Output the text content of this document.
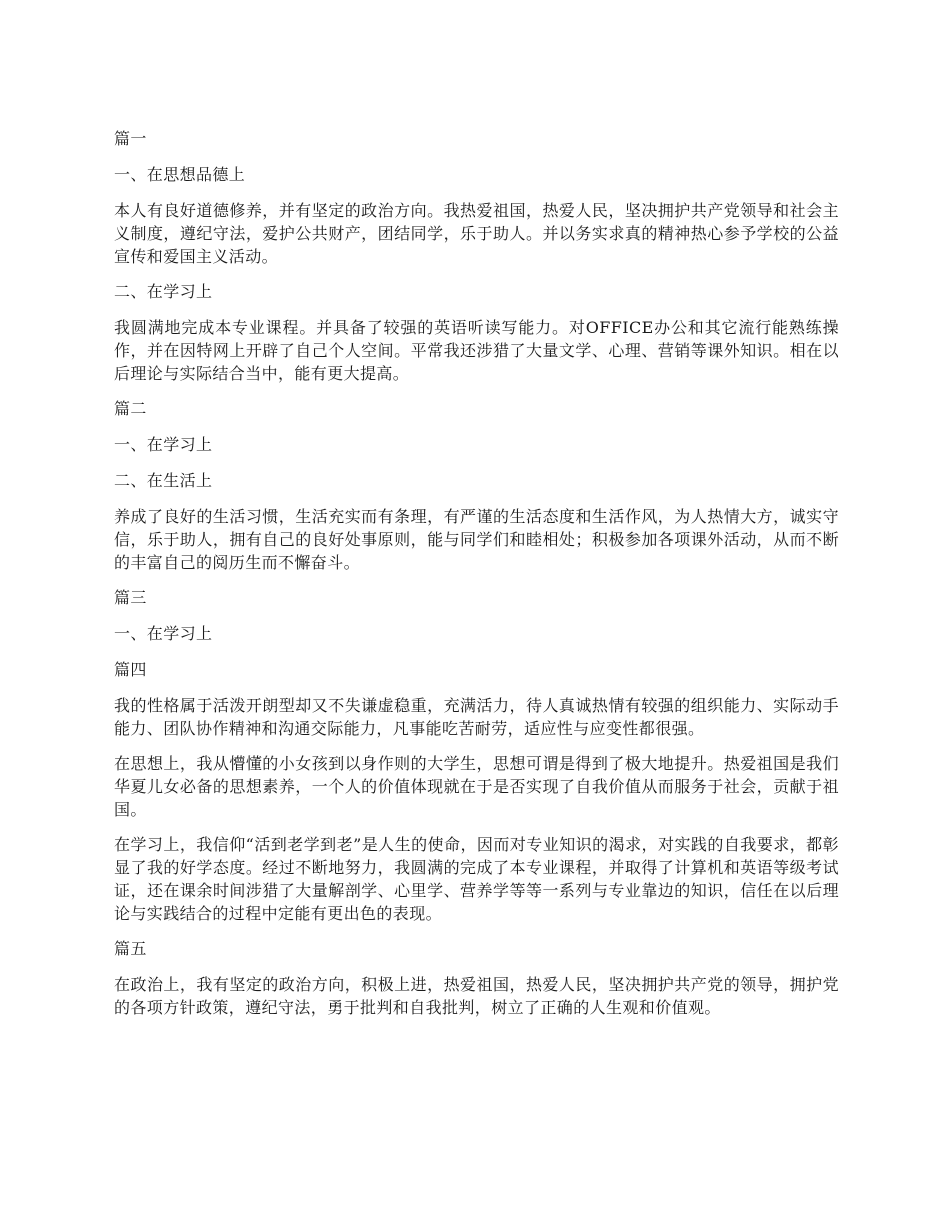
篇一
一、在思想品德上
本人有良好道德修养，并有坚定的政治方向。我热爱祖国，热爱人民，坚决拥护共产党领导和社会主义制度，遵纪守法，爱护公共财产，团结同学，乐于助人。并以务实求真的精神热心参予学校的公益宣传和爱国主义活动。
二、在学习上
我圆满地完成本专业课程。并具备了较强的英语听读写能力。对OFFICE办公和其它流行能熟练操作，并在因特网上开辟了自己个人空间。平常我还涉猎了大量文学、心理、营销等课外知识。相在以后理论与实际结合当中，能有更大提高。
篇二
一、在学习上
二、在生活上
养成了良好的生活习惯，生活充实而有条理，有严谨的生活态度和生活作风，为人热情大方，诚实守信，乐于助人，拥有自己的良好处事原则，能与同学们和睦相处；积极参加各项课外活动，从而不断的丰富自己的阅历生而不懈奋斗。
篇三
一、在学习上
篇四
我的性格属于活泼开朗型却又不失谦虚稳重，充满活力，待人真诚热情有较强的组织能力、实际动手能力、团队协作精神和沟通交际能力，凡事能吃苦耐劳，适应性与应变性都很强。
在思想上，我从懵懂的小女孩到以身作则的大学生，思想可谓是得到了极大地提升。热爱祖国是我们华夏儿女必备的思想素养，一个人的价值体现就在于是否实现了自我价值从而服务于社会，贡献于祖国。
在学习上，我信仰“活到老学到老”是人生的使命，因而对专业知识的渴求，对实践的自我要求，都彰显了我的好学态度。经过不断地努力，我圆满的完成了本专业课程，并取得了计算机和英语等级考试证，还在课余时间涉猎了大量解剖学、心里学、营养学等等一系列与专业靠边的知识，信任在以后理论与实践结合的过程中定能有更出色的表现。
篇五
在政治上，我有坚定的政治方向，积极上进，热爱祖国，热爱人民，坚决拥护共产党的领导，拥护党的各项方针政策，遵纪守法，勇于批判和自我批判，树立了正确的人生观和价值观。
